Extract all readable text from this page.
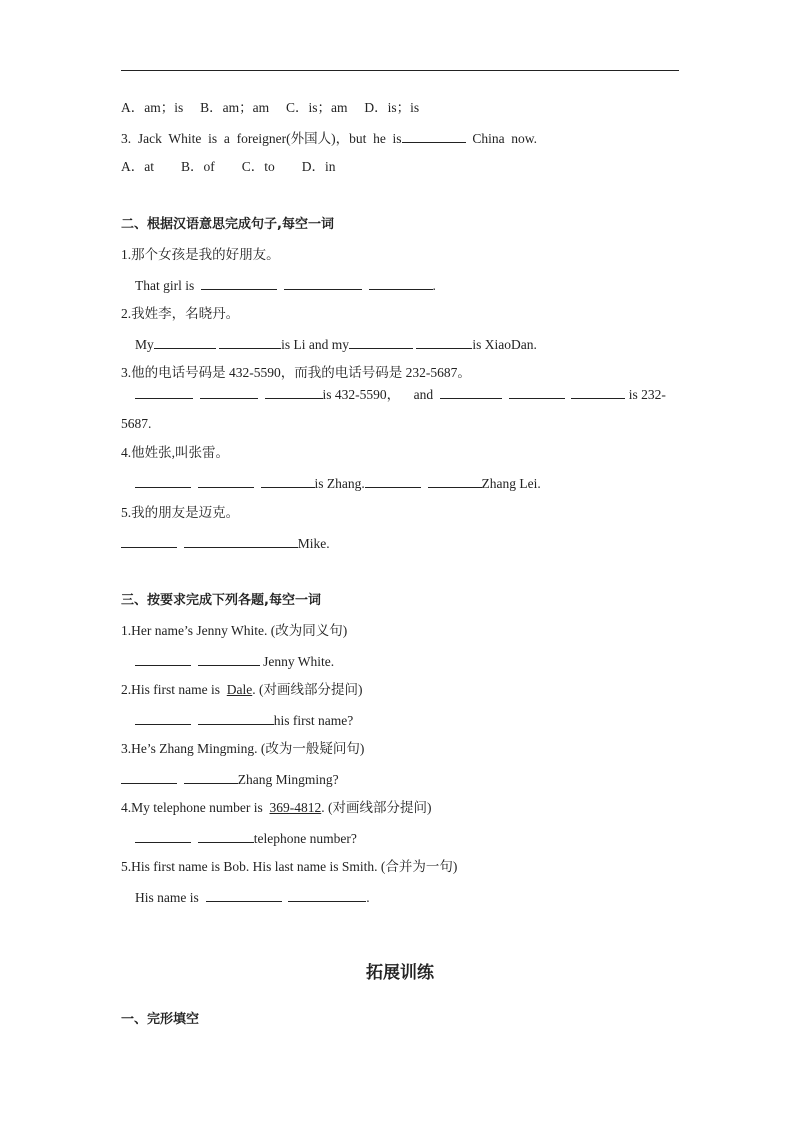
A．am；is　 B．am；am　 C．is；am　 D．is；is
3.  Jack  White  is  a  foreigner(外国人)，but  he  is	China  now.
A．at　　B．of　　C．to　　D．in
二、根据汉语意思完成句子,每空一词
1.那个女孩是我的好朋友。
That girl is	.
2.我姓李，名晓丹。
My	is Li and my	is XiaoDan.
3.他的电话号码是 432-5590，而我的电话号码是 232-5687。
is 432-5590， and	is 232-
5687.
4.他姓张,叫张雷。
is Zhang.	Zhang Lei.
5.我的朋友是迈克。
Mike.
三、按要求完成下列各题,每空一词
1.Her name’s Jenny White. (改为同义句)
Jenny White.
2.His first name is  Dale. (对画线部分提问)
his first name?
3.He’s Zhang Mingming. (改为一般疑问句)
Zhang Mingming?
4.My telephone number is  369-4812. (对画线部分提问)
telephone number?
5.His first name is Bob. His last name is Smith. (合并为一句)
His name is	.
拓展训练
一、完形填空
